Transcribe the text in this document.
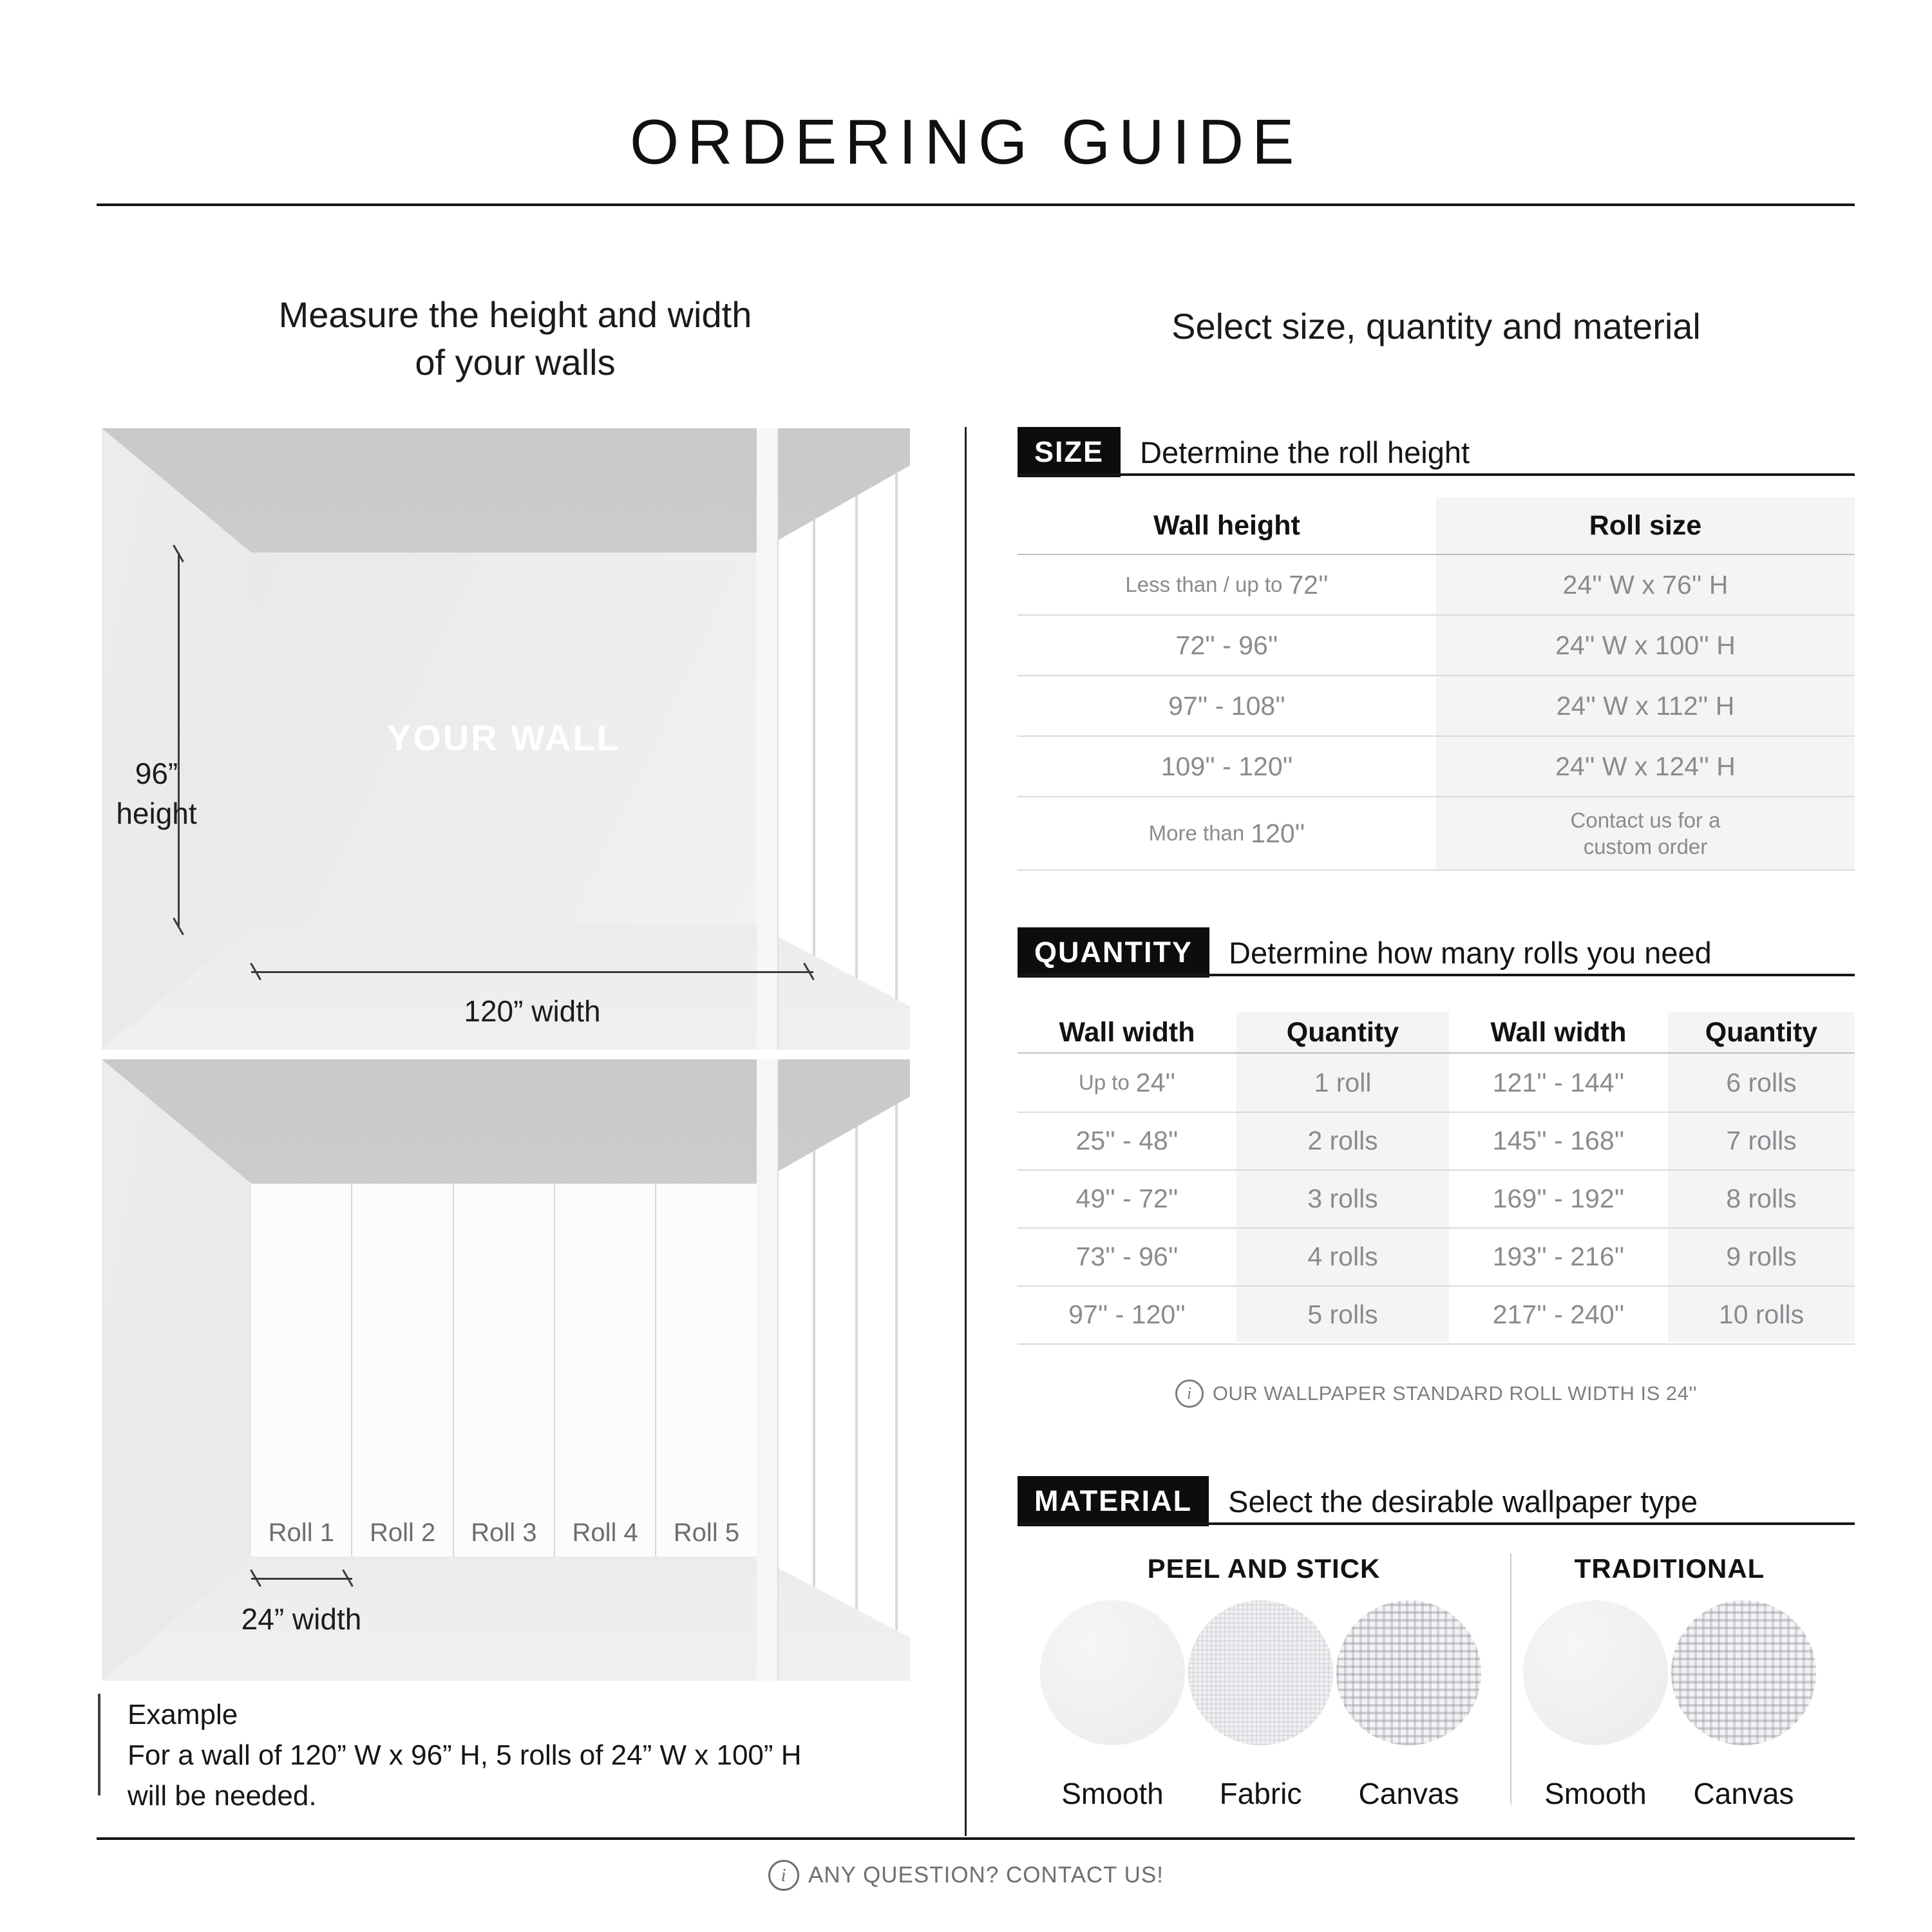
ORDERING GUIDE
Measure the height and width
of your walls
YOUR WALL
96”
height
120” width
Roll 1	Roll 2	Roll 3	Roll 4	Roll 5
24” width
Example
For a wall of 120” W x 96” H, 5 rolls of 24” W x 100” H
will be needed.
Select size, quantity and material
SIZE	Determine the roll height
Wall height	Roll size
Less than / up to 72''	24'' W x 76'' H
72'' - 96''	24'' W x 100'' H
97'' - 108''	24'' W x 112'' H
109'' - 120''	24'' W x 124'' H
More than 120''	Contact us for a
custom order
QUANTITY	Determine how many rolls you need
Wall width	Quantity	Wall width	Quantity
Up to 24''	1 roll	121'' - 144''	6 rolls
25'' - 48''	2 rolls	145'' - 168''	7 rolls
49'' - 72''	3 rolls	169'' - 192''	8 rolls
73'' - 96''	4 rolls	193'' - 216''	9 rolls
97'' - 120''	5 rolls	217'' - 240''	10 rolls
i
OUR WALLPAPER STANDARD ROLL WIDTH IS 24''
MATERIAL	Select the desirable wallpaper type
PEEL AND STICK	TRADITIONAL
Smooth	Fabric	Canvas	Smooth	Canvas
i
ANY QUESTION? CONTACT US!
